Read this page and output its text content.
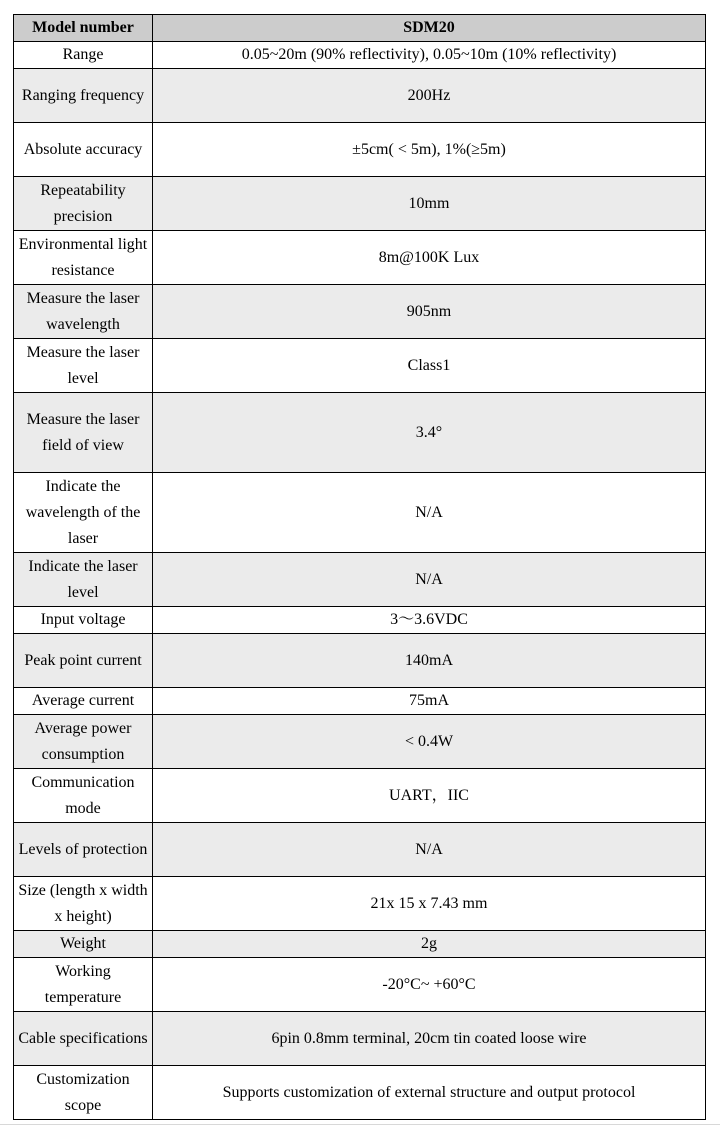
Model number	SDM20
Range	0.05~20m (90% reflectivity), 0.05~10m (10% reflectivity)
Ranging frequency	200Hz
Absolute accuracy	±5cm( < 5m), 1%(≥5m)
Repeatability precision	10mm
Environmental light resistance	8m@100K Lux
Measure the laser wavelength	905nm
Measure the laser level	Class1
Measure the laser field of view	3.4°
Indicate the wavelength of the laser	N/A
Indicate the laser level	N/A
Input voltage	3～3.6VDC
Peak point current	140mA
Average current	75mA
Average power consumption	< 0.4W
Communication mode	UART，IIC
Levels of protection	N/A
Size (length x width x height)	21x 15 x 7.43 mm
Weight	2g
Working temperature	-20°C~ +60°C
Cable specifications	6pin 0.8mm terminal, 20cm tin coated loose wire
Customization scope	Supports customization of external structure and output protocol
